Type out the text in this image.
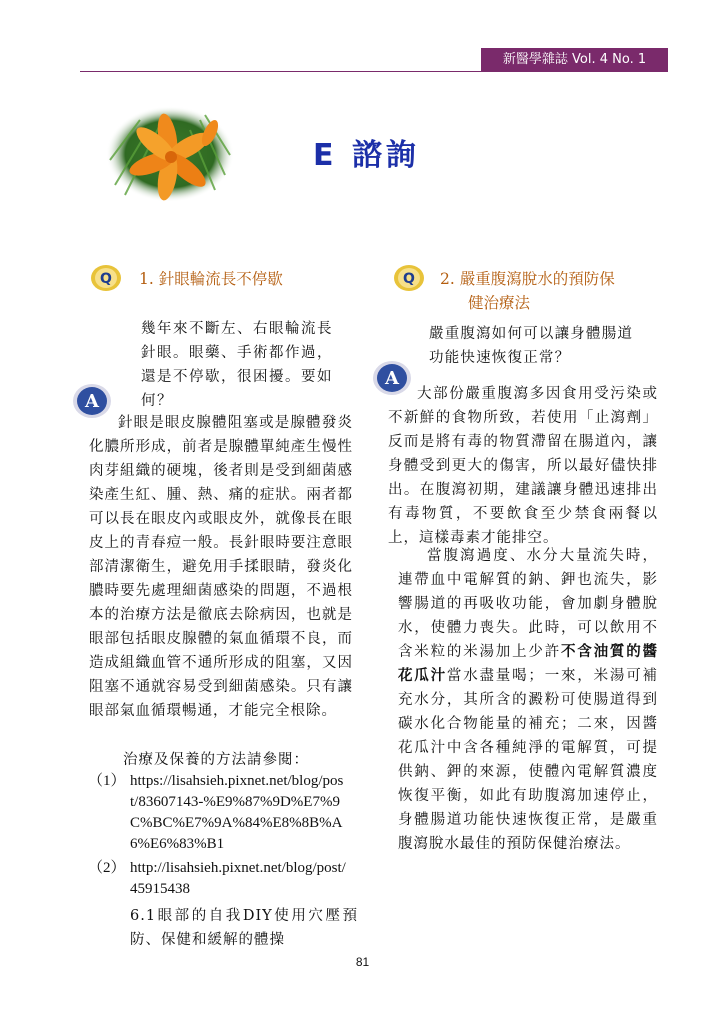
新醫學雜誌 Vol. 4 No. 1
E 諮詢
Q 1. 針眼輪流長不停歇
幾年來不斷左、右眼輪流長
針眼。眼藥、手術都作過，
還是不停歇，很困擾。要如
何？
A

針眼是眼皮腺體阻塞或是腺體發炎化膿所形成，前者是腺體單純產生慢性肉芽組織的硬塊，後者則是受到細菌感染產生紅、腫、熱、痛的症狀。兩者都可以長在眼皮內或眼皮外，就像長在眼皮上的青春痘一般。長針眼時要注意眼部清潔衛生，避免用手揉眼睛，發炎化膿時要先處理細菌感染的問題，不過根本的治療方法是徹底去除病因，也就是眼部包括眼皮腺體的氣血循環不良，而造成組織血管不通所形成的阻塞，又因阻塞不通就容易受到細菌感染。只有讓眼部氣血循環暢通，才能完全根除。

治療及保養的方法請參閱：
（1） https://lisahsieh.pixnet.net/blog/post/83607143-%E9%87%9D%E7%9C%BC%E7%9A%84%E8%8B%A6%E6%83%B1
（2） http://lisahsieh.pixnet.net/blog/post/45915438
6.1眼部的自我DIY使用穴壓預防、保健和緩解的體操
Q 2. 嚴重腹瀉脫水的預防保
健治療法
嚴重腹瀉如何可以讓身體腸道
功能快速恢復正常？
A

大部份嚴重腹瀉多因食用受污染或不新鮮的食物所致，若使用「止瀉劑」反而是將有毒的物質滯留在腸道內，讓身體受到更大的傷害，所以最好儘快排出。在腹瀉初期，建議讓身體迅速排出有毒物質，不要飲食至少禁食兩餐以上，這樣毒素才能排空。

當腹瀉過度、水分大量流失時，連帶血中電解質的鈉、鉀也流失，影響腸道的再吸收功能，會加劇身體脫水，使體力喪失。此時，可以飲用不含米粒的米湯加上少許不含油質的醬花瓜汁當水盡量喝；一來，米湯可補充水分，其所含的澱粉可使腸道得到碳水化合物能量的補充；二來，因醬花瓜汁中含各種純淨的電解質，可提供鈉、鉀的來源，使體內電解質濃度恢復平衡，如此有助腹瀉加速停止，身體腸道功能快速恢復正常，是嚴重腹瀉脫水最佳的預防保健治療法。

81
